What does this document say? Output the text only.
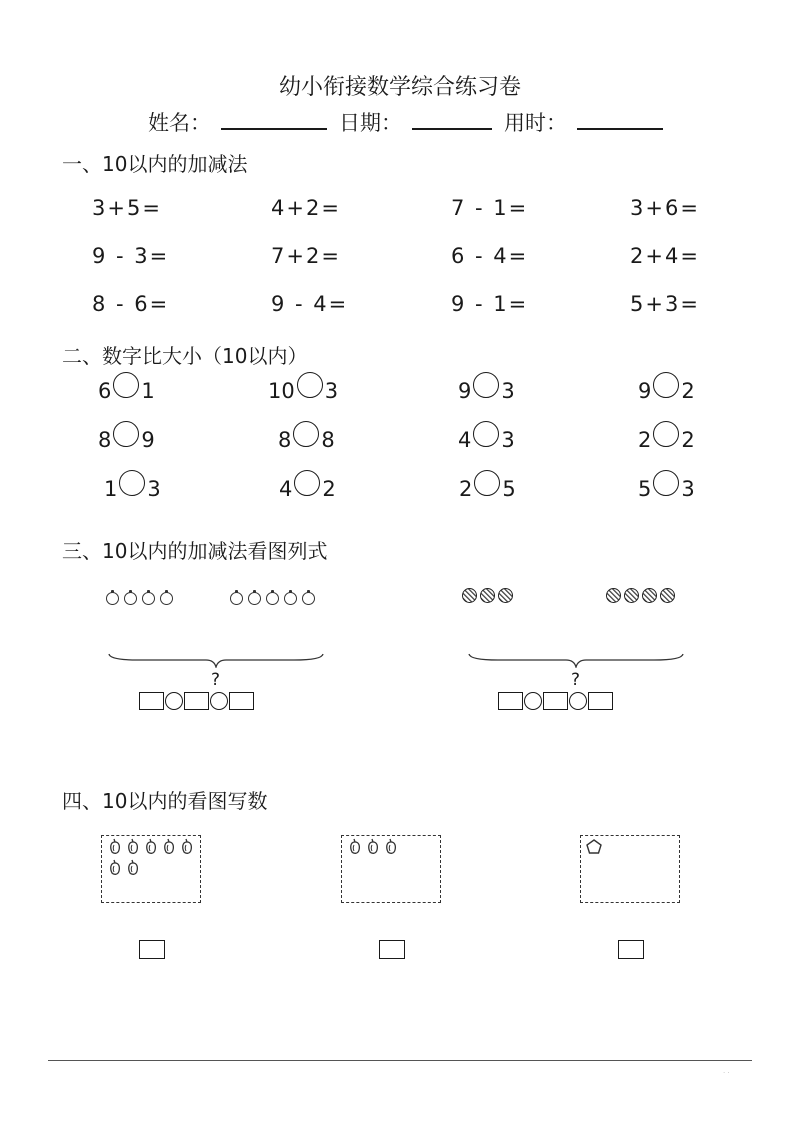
幼小衔接数学综合练习卷
姓名：	日期：	用时：
一、10以内的加减法
3+5=	4+2=	7 - 1=	3+6=
9 - 3=	7+2=	6 - 4=	2+4=
8 - 6=	9 - 4=	9 - 1=	5+3=
二、数字比大小（10以内）
6 1	10 3	9 3	9 2
8 9	8 8	4 3	2 2
1 3	4 2	2 5	5 3
三、10以内的加减法看图列式
?	?
四、10以内的看图写数
· ·
